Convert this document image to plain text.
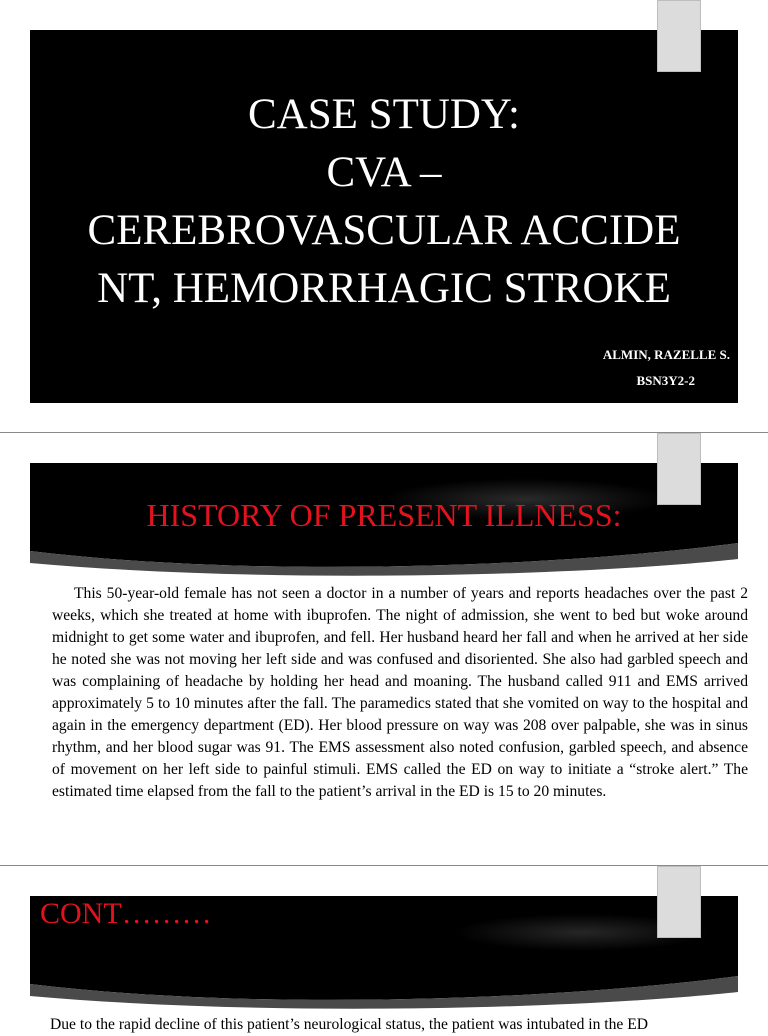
CASE STUDY:
CVA –
CEREBROVASCULAR ACCIDE
NT, HEMORRHAGIC STROKE
ALMIN, RAZELLE S.
BSN3Y2-2
HISTORY OF PRESENT ILLNESS:

This 50-year-old female has not seen a doctor in a number of years and reports headaches over the past 2 weeks, which she treated at home with ibuprofen. The night of admission, she went to bed but woke around midnight to get some water and ibuprofen, and fell. Her husband heard her fall and when he arrived at her side he noted she was not moving her left side and was confused and disoriented. She also had garbled speech and was complaining of headache by holding her head and moaning. The husband called 911 and EMS arrived approximately 5 to 10 minutes after the fall. The paramedics stated that she vomited on way to the hospital and again in the emergency department (ED). Her blood pressure on way was 208 over palpable, she was in sinus rhythm, and her blood sugar was 91. The EMS assessment also noted confusion, garbled speech, and absence of movement on her left side to painful stimuli. EMS called the ED on way to initiate a “stroke alert.” The estimated time elapsed from the fall to the patient’s arrival in the ED is 15 to 20 minutes.

CONT………

Due to the rapid decline of this patient’s neurological status, the patient was intubated in the ED
